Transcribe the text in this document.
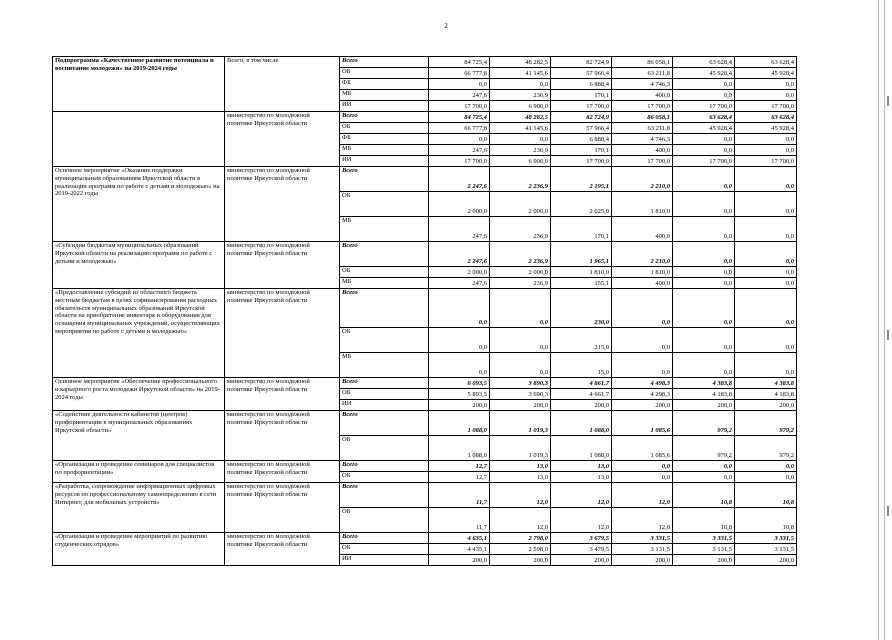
2
Подпрограмма «Качественное развитие потенциала и воспитание молодежи» на 2019-2024 годы	Всего, в том числе	Всего	84 725,4	48 282,5	82 724,9	86 058,1	63 628,4	63 628,4
		ОБ	66 777,8	41 145,6	57 966,4	63 211,8	45 928,4	45 928,4
		ФБ	0,0	0,0	6 888,4	4 746,3	0,0	0,0
		МБ	247,6	236,9	170,1	400,0	0,0	0,0
		ИИ	17 700,0	6 900,0	17 700,0	17 700,0	17 700,0	17 700,0
	министерство по молодежной политике Иркутской области	Всего	84 725,4	48 282,5	82 724,9	86 058,1	63 628,4	63 628,4
		ОБ	66 777,8	41 145,6	57 966,4	63 211,8	45 928,4	45 928,4
		ФБ	0,0	0,0	6 888,4	4 746,3	0,0	0,0
		МБ	247,6	236,9	170,1	400,0	0,0	0,0
		ИИ	17 700,0	6 900,0	17 700,0	17 700,0	17 700,0	17 700,0
Основное мероприятие «Оказание поддержки муниципальным образованиям Иркутской области в реализации программ по работе с детьми и молодежью» на 2019-2022 годы	министерство по молодежной политике Иркутской области	Всего	2 247,6	2 236,9	2 195,1	2 210,0	0,0	0,0
		ОБ	2 000,0	2 000,0	2 025,0	1 810,0	0,0	0,0
		МБ	247,6	236,9	170,1	400,0	0,0	0,0
«Субсидии бюджетам муниципальных образований Иркутской области на реализацию программ по работе с детьми и молодежью»	министерство по молодежной политике Иркутской области	Всего	2 247,6	2 236,9	1 965,1	2 210,0	0,0	0,0
		ОБ	2 000,0	2 000,0	1 810,0	1 810,0	0,0	0,0
		МБ	247,6	236,9	155,1	400,0	0,0	0,0
«Предоставление субсидий из областного бюджета местным бюджетам в целях софинансирования расходных обязательств муниципальных образований Иркутской области на приобретение инвентаря и оборудования для оснащения муниципальных учреждений, осуществляющих мероприятия по работе с детьми и молодежью»	министерство по молодежной политике Иркутской области	Всего	0,0	0,0	230,0	0,0	0,0	0,0
		ОБ	0,0	0,0	215,0	0,0	0,0	0,0
		МБ	0,0	0,0	15,0	0,0	0,0	0,0
Основное мероприятие «Обеспечение профессионального и карьерного роста молодежи Иркутской области» на 2019-2024 годы	министерство по молодежной политике Иркутской области	Всего	6 093,5	3 890,3	4 861,7	4 498,3	4 383,8	4 383,8
		ОБ	5 893,5	3 690,3	4 661,7	4 298,3	4 183,8	4 183,8
		ИИ	200,0	200,0	200,0	200,0	200,0	200,0
«Содействие деятельности кабинетов (центров) профориентации в муниципальных образованиях Иркутской области»	министерство по молодежной политике Иркутской области	Всего	1 088,0	1 019,3	1 088,0	1 085,6	979,2	979,2
		ОБ	1 088,0	1 019,3	1 088,0	1 085,6	979,2	979,2
«Организация и проведение семинаров для специалистов по профориентации»	министерство по молодежной политике Иркутской области	Всего	12,7	13,0	13,0	0,0	0,0	0,0
		ОБ	12,7	13,0	13,0	0,0	0,0	0,0
«Разработка, сопровождение информационных цифровых ресурсов по профессиональному самоопределению в сети Интернет, для мобильных устройств»	министерство по молодежной политике Иркутской области	Всего	11,7	12,0	12,0	12,0	10,8	10,8
		ОБ	11,7	12,0	12,0	12,0	10,8	10,8
«Организация и проведение мероприятий по развитию студенческих отрядов»	министерство по молодежной политике Иркутской области	Всего	4 635,1	2 798,0	3 679,5	3 331,5	3 331,5	3 331,5
		ОБ	4 435,1	2 598,0	3 479,5	3 131,5	3 131,5	3 131,5
		ИИ	200,0	200,0	200,0	200,0	200,0	200,0
